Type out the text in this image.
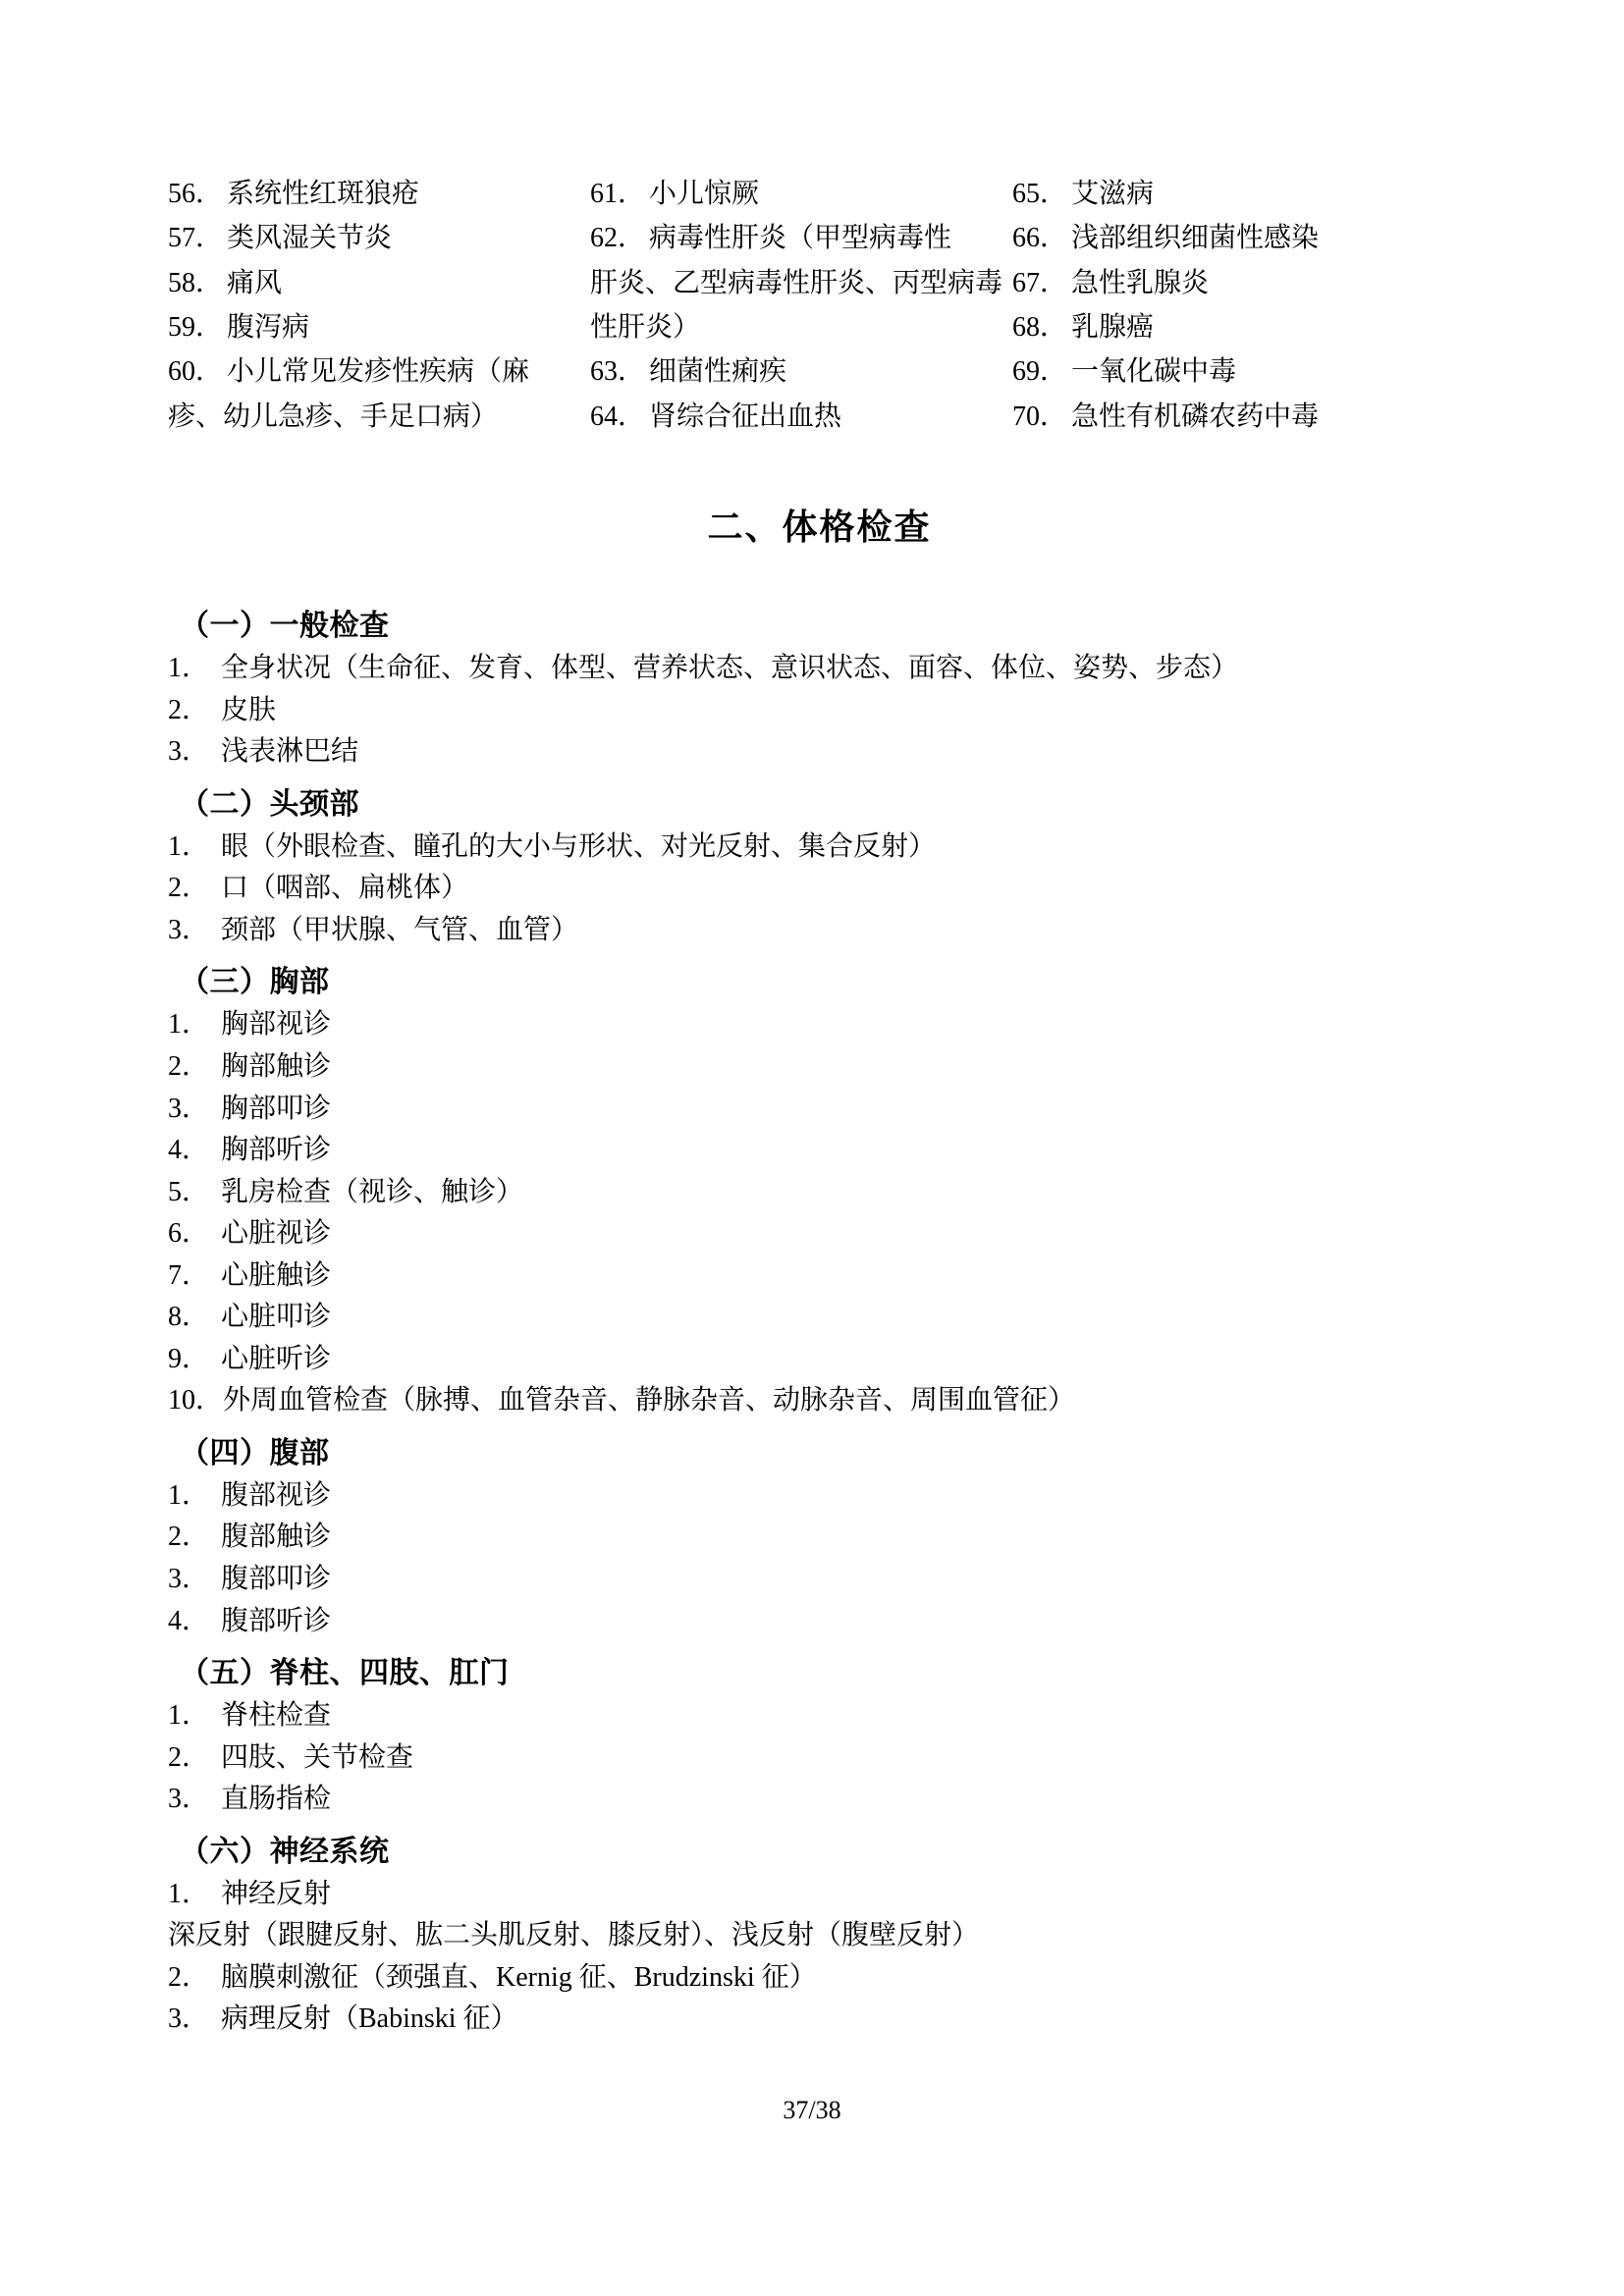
56． 系统性红斑狼疮
57． 类风湿关节炎
58． 痛风
59． 腹泻病
60． 小儿常见发疹性疾病（麻
疹、幼儿急疹、手足口病）
61． 小儿惊厥
62． 病毒性肝炎（甲型病毒性
肝炎、乙型病毒性肝炎、丙型病毒性肝炎）
63． 细菌性痢疾
64． 肾综合征出血热
65． 艾滋病
66． 浅部组织细菌性感染
67． 急性乳腺炎
68． 乳腺癌
69． 一氧化碳中毒
70． 急性有机磷农药中毒
二、体格检查
（一）一般检查
1． 全身状况（生命征、发育、体型、营养状态、意识状态、面容、体位、姿势、步态）
2． 皮肤
3． 浅表淋巴结
（二）头颈部
1． 眼（外眼检查、瞳孔的大小与形状、对光反射、集合反射）
2． 口（咽部、扁桃体）
3． 颈部（甲状腺、气管、血管）
（三）胸部
1． 胸部视诊
2． 胸部触诊
3． 胸部叩诊
4． 胸部听诊
5． 乳房检查（视诊、触诊）
6． 心脏视诊
7． 心脏触诊
8． 心脏叩诊
9． 心脏听诊
10． 外周血管检查（脉搏、血管杂音、静脉杂音、动脉杂音、周围血管征）
（四）腹部
1． 腹部视诊
2． 腹部触诊
3． 腹部叩诊
4． 腹部听诊
（五）脊柱、四肢、肛门
1． 脊柱检查
2． 四肢、关节检查
3． 直肠指检
（六）神经系统
1． 神经反射
深反射（跟腱反射、肱二头肌反射、膝反射）、浅反射（腹壁反射）
2． 脑膜刺激征（颈强直、Kernig 征、Brudzinski 征）
3． 病理反射（Babinski 征）
37/38
